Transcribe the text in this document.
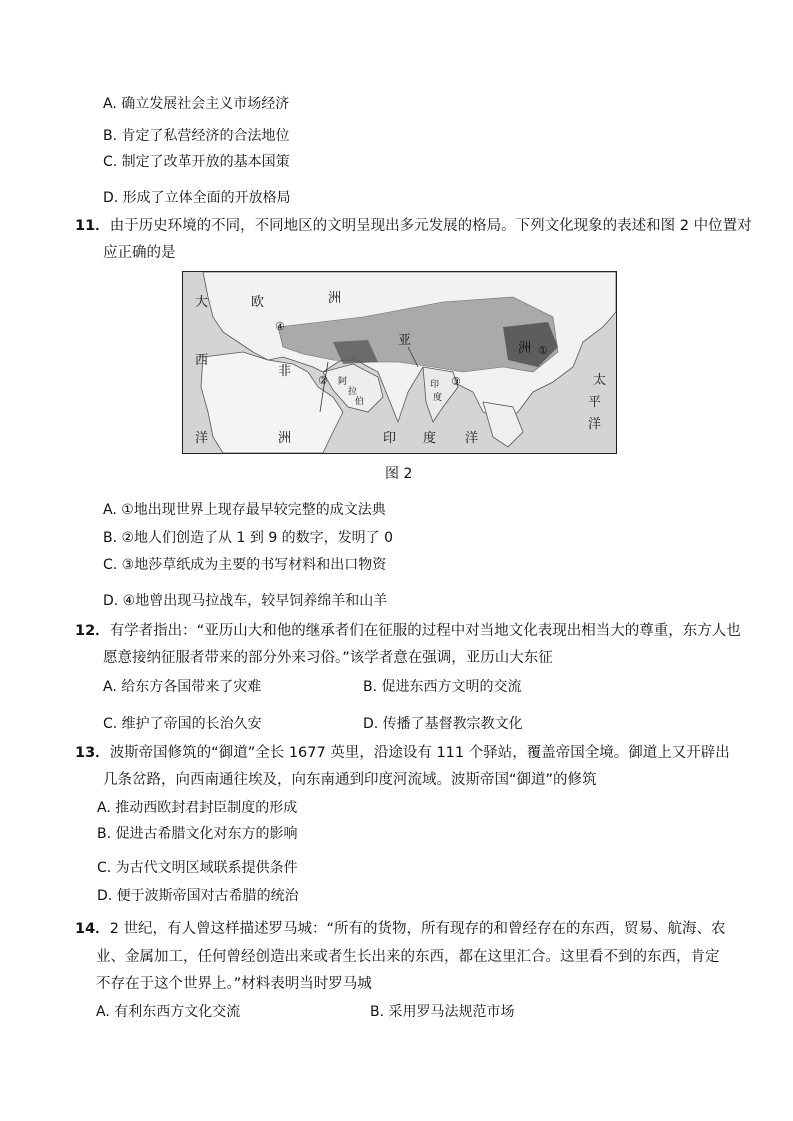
A. 确立发展社会主义市场经济
B. 肯定了私营经济的合法地位
C. 制定了改革开放的基本国策
D. 形成了立体全面的开放格局
11．由于历史环境的不同，不同地区的文明呈现出多元发展的格局。下列文化现象的表述和图 2 中位置对
应正确的是
大
西
洋
欧	洲
非
洲
亚
洲
印 度 洋
太
平
洋
阿
拉
伯
印
度
④
②	③
①
图 2
A. ①地出现世界上现存最早较完整的成文法典
B. ②地人们创造了从 1 到 9 的数字，发明了 0
C. ③地莎草纸成为主要的书写材料和出口物资
D. ④地曾出现马拉战车，较早饲养绵羊和山羊
12．有学者指出：“亚历山大和他的继承者们在征服的过程中对当地文化表现出相当大的尊重，东方人也
愿意接纳征服者带来的部分外来习俗。”该学者意在强调，亚历山大东征
A. 给东方各国带来了灾难	B. 促进东西方文明的交流
C. 维护了帝国的长治久安	D. 传播了基督教宗教文化
13．波斯帝国修筑的“御道”全长 1677 英里，沿途设有 111 个驿站，覆盖帝国全境。御道上又开辟出
几条岔路，向西南通往埃及，向东南通到印度河流域。波斯帝国“御道”的修筑
A. 推动西欧封君封臣制度的形成
B. 促进古希腊文化对东方的影响
C. 为古代文明区域联系提供条件
D. 便于波斯帝国对古希腊的统治
14．2 世纪，有人曾这样描述罗马城：“所有的货物，所有现存的和曾经存在的东西，贸易、航海、农
业、金属加工，任何曾经创造出来或者生长出来的东西，都在这里汇合。这里看不到的东西，肯定
不存在于这个世界上。”材料表明当时罗马城
A. 有利东西方文化交流	B. 采用罗马法规范市场
